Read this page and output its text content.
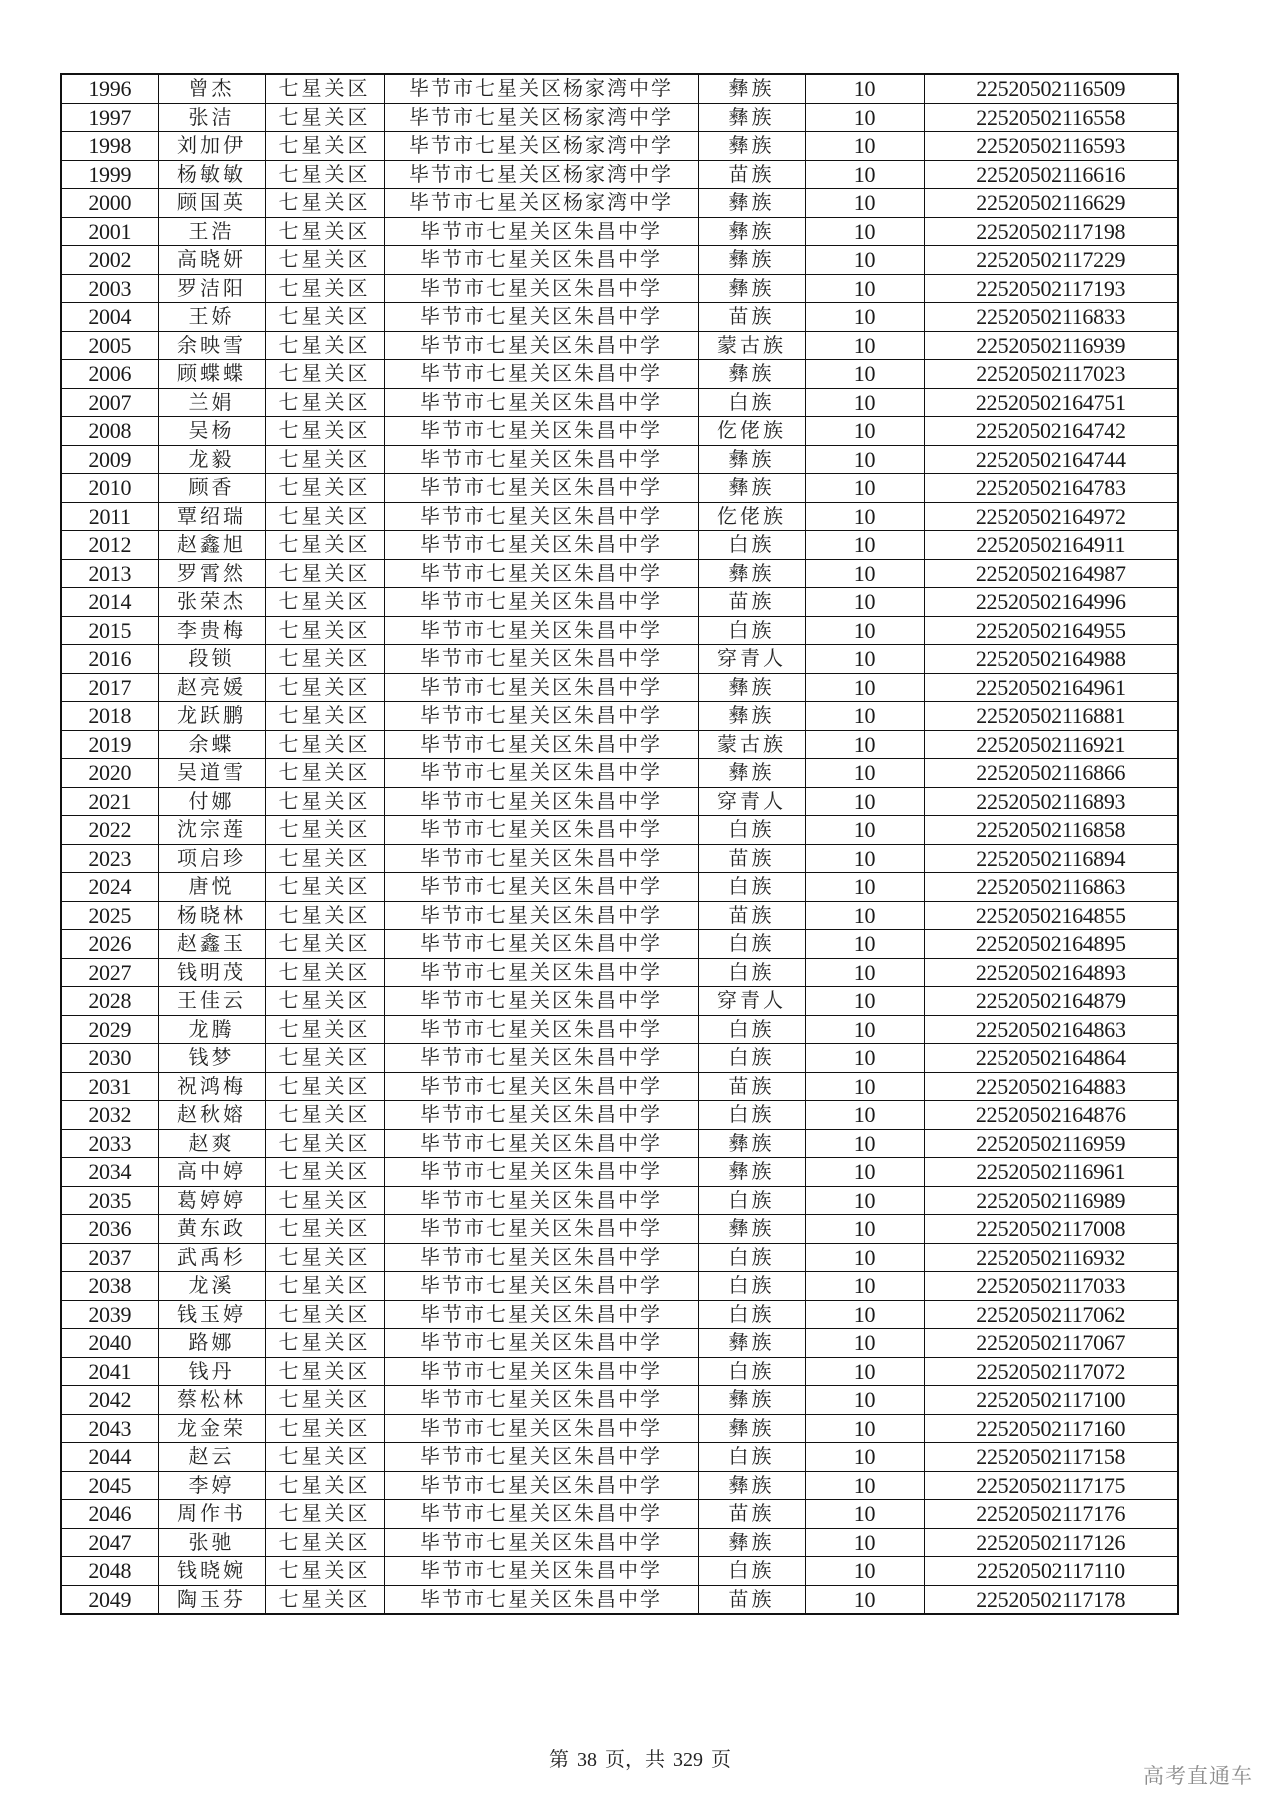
1996	曾杰	七星关区	毕节市七星关区杨家湾中学	彝族	10	22520502116509
1997	张洁	七星关区	毕节市七星关区杨家湾中学	彝族	10	22520502116558
1998	刘加伊	七星关区	毕节市七星关区杨家湾中学	彝族	10	22520502116593
1999	杨敏敏	七星关区	毕节市七星关区杨家湾中学	苗族	10	22520502116616
2000	顾国英	七星关区	毕节市七星关区杨家湾中学	彝族	10	22520502116629
2001	王浩	七星关区	毕节市七星关区朱昌中学	彝族	10	22520502117198
2002	高晓妍	七星关区	毕节市七星关区朱昌中学	彝族	10	22520502117229
2003	罗洁阳	七星关区	毕节市七星关区朱昌中学	彝族	10	22520502117193
2004	王娇	七星关区	毕节市七星关区朱昌中学	苗族	10	22520502116833
2005	余映雪	七星关区	毕节市七星关区朱昌中学	蒙古族	10	22520502116939
2006	顾蝶蝶	七星关区	毕节市七星关区朱昌中学	彝族	10	22520502117023
2007	兰娟	七星关区	毕节市七星关区朱昌中学	白族	10	22520502164751
2008	吴杨	七星关区	毕节市七星关区朱昌中学	仡佬族	10	22520502164742
2009	龙毅	七星关区	毕节市七星关区朱昌中学	彝族	10	22520502164744
2010	顾香	七星关区	毕节市七星关区朱昌中学	彝族	10	22520502164783
2011	覃绍瑞	七星关区	毕节市七星关区朱昌中学	仡佬族	10	22520502164972
2012	赵鑫旭	七星关区	毕节市七星关区朱昌中学	白族	10	22520502164911
2013	罗霄然	七星关区	毕节市七星关区朱昌中学	彝族	10	22520502164987
2014	张荣杰	七星关区	毕节市七星关区朱昌中学	苗族	10	22520502164996
2015	李贵梅	七星关区	毕节市七星关区朱昌中学	白族	10	22520502164955
2016	段锁	七星关区	毕节市七星关区朱昌中学	穿青人	10	22520502164988
2017	赵亮媛	七星关区	毕节市七星关区朱昌中学	彝族	10	22520502164961
2018	龙跃鹏	七星关区	毕节市七星关区朱昌中学	彝族	10	22520502116881
2019	余蝶	七星关区	毕节市七星关区朱昌中学	蒙古族	10	22520502116921
2020	吴道雪	七星关区	毕节市七星关区朱昌中学	彝族	10	22520502116866
2021	付娜	七星关区	毕节市七星关区朱昌中学	穿青人	10	22520502116893
2022	沈宗莲	七星关区	毕节市七星关区朱昌中学	白族	10	22520502116858
2023	项启珍	七星关区	毕节市七星关区朱昌中学	苗族	10	22520502116894
2024	唐悦	七星关区	毕节市七星关区朱昌中学	白族	10	22520502116863
2025	杨晓林	七星关区	毕节市七星关区朱昌中学	苗族	10	22520502164855
2026	赵鑫玉	七星关区	毕节市七星关区朱昌中学	白族	10	22520502164895
2027	钱明茂	七星关区	毕节市七星关区朱昌中学	白族	10	22520502164893
2028	王佳云	七星关区	毕节市七星关区朱昌中学	穿青人	10	22520502164879
2029	龙腾	七星关区	毕节市七星关区朱昌中学	白族	10	22520502164863
2030	钱梦	七星关区	毕节市七星关区朱昌中学	白族	10	22520502164864
2031	祝鸿梅	七星关区	毕节市七星关区朱昌中学	苗族	10	22520502164883
2032	赵秋嫆	七星关区	毕节市七星关区朱昌中学	白族	10	22520502164876
2033	赵爽	七星关区	毕节市七星关区朱昌中学	彝族	10	22520502116959
2034	高中婷	七星关区	毕节市七星关区朱昌中学	彝族	10	22520502116961
2035	葛婷婷	七星关区	毕节市七星关区朱昌中学	白族	10	22520502116989
2036	黄东政	七星关区	毕节市七星关区朱昌中学	彝族	10	22520502117008
2037	武禹杉	七星关区	毕节市七星关区朱昌中学	白族	10	22520502116932
2038	龙溪	七星关区	毕节市七星关区朱昌中学	白族	10	22520502117033
2039	钱玉婷	七星关区	毕节市七星关区朱昌中学	白族	10	22520502117062
2040	路娜	七星关区	毕节市七星关区朱昌中学	彝族	10	22520502117067
2041	钱丹	七星关区	毕节市七星关区朱昌中学	白族	10	22520502117072
2042	蔡松林	七星关区	毕节市七星关区朱昌中学	彝族	10	22520502117100
2043	龙金荣	七星关区	毕节市七星关区朱昌中学	彝族	10	22520502117160
2044	赵云	七星关区	毕节市七星关区朱昌中学	白族	10	22520502117158
2045	李婷	七星关区	毕节市七星关区朱昌中学	彝族	10	22520502117175
2046	周作书	七星关区	毕节市七星关区朱昌中学	苗族	10	22520502117176
2047	张驰	七星关区	毕节市七星关区朱昌中学	彝族	10	22520502117126
2048	钱晓婉	七星关区	毕节市七星关区朱昌中学	白族	10	22520502117110
2049	陶玉芬	七星关区	毕节市七星关区朱昌中学	苗族	10	22520502117178
第 38 页，共 329 页
高考直通车
